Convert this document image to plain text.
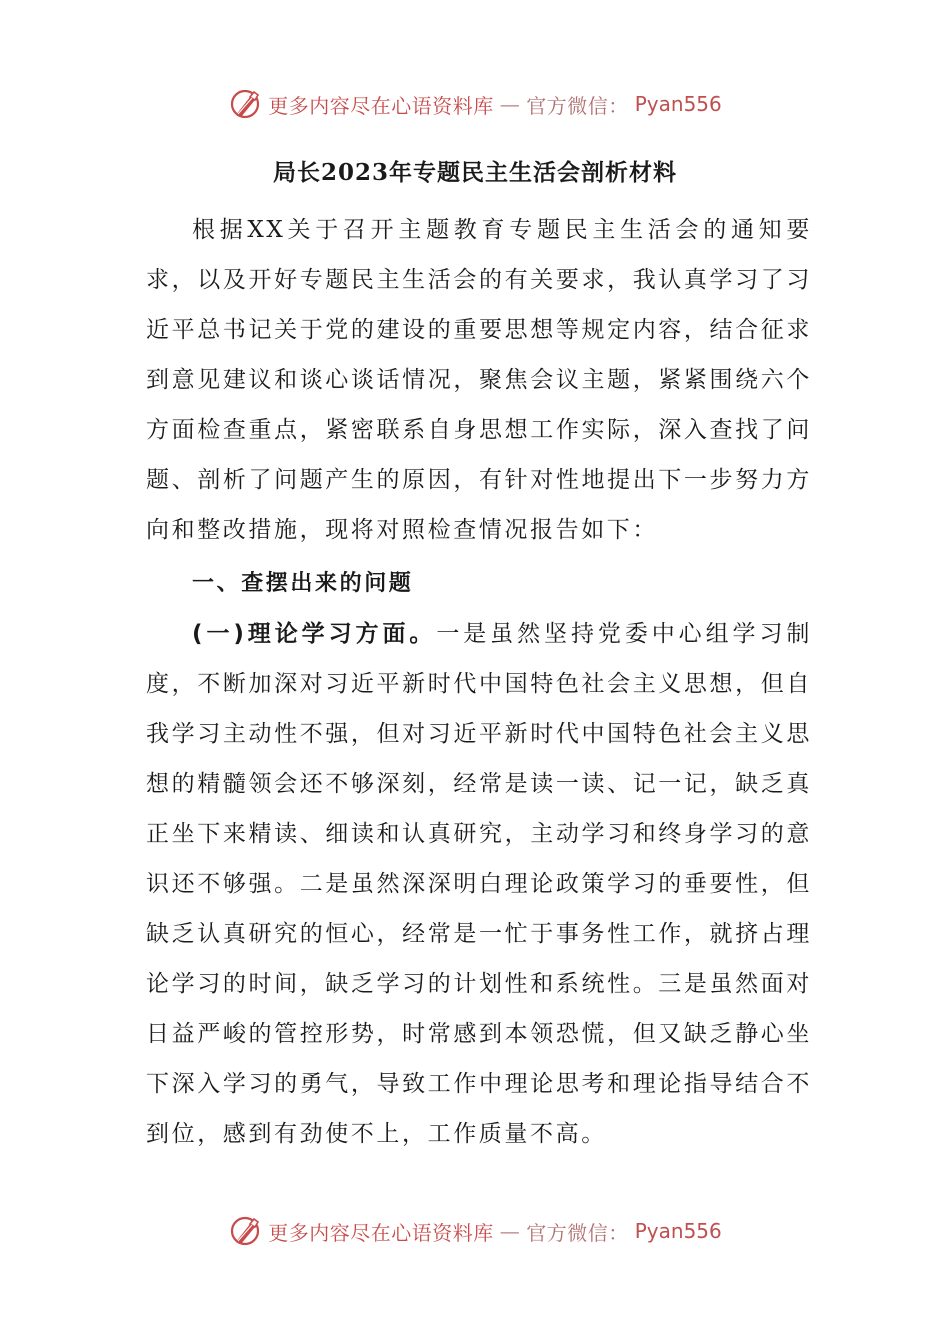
更多内容尽在心语资料库 — 官方微信： Pyan556
局长2023年专题民主生活会剖析材料

根据XX关于召开主题教育专题民主生活会的通知要求，以及开好专题民主生活会的有关要求，我认真学习了习近平总书记关于党的建设的重要思想等规定内容，结合征求到意见建议和谈心谈话情况，聚焦会议主题，紧紧围绕六个方面检查重点，紧密联系自身思想工作实际，深入查找了问题、剖析了问题产生的原因，有针对性地提出下一步努力方向和整改措施，现将对照检查情况报告如下：

一、查摆出来的问题

(一)理论学习方面。一是虽然坚持党委中心组学习制度，不断加深对习近平新时代中国特色社会主义思想，但自我学习主动性不强，但对习近平新时代中国特色社会主义思想的精髓领会还不够深刻，经常是读一读、记一记，缺乏真正坐下来精读、细读和认真研究，主动学习和终身学习的意识还不够强。二是虽然深深明白理论政策学习的垂要性，但缺乏认真研究的恒心，经常是一忙于事务性工作，就挤占理论学习的时间，缺乏学习的计划性和系统性。三是虽然面对日益严峻的管控形势，时常感到本领恐慌，但又缺乏静心坐下深入学习的勇气，导致工作中理论思考和理论指导结合不到位，感到有劲使不上，工作质量不高。

更多内容尽在心语资料库 — 官方微信： Pyan556
